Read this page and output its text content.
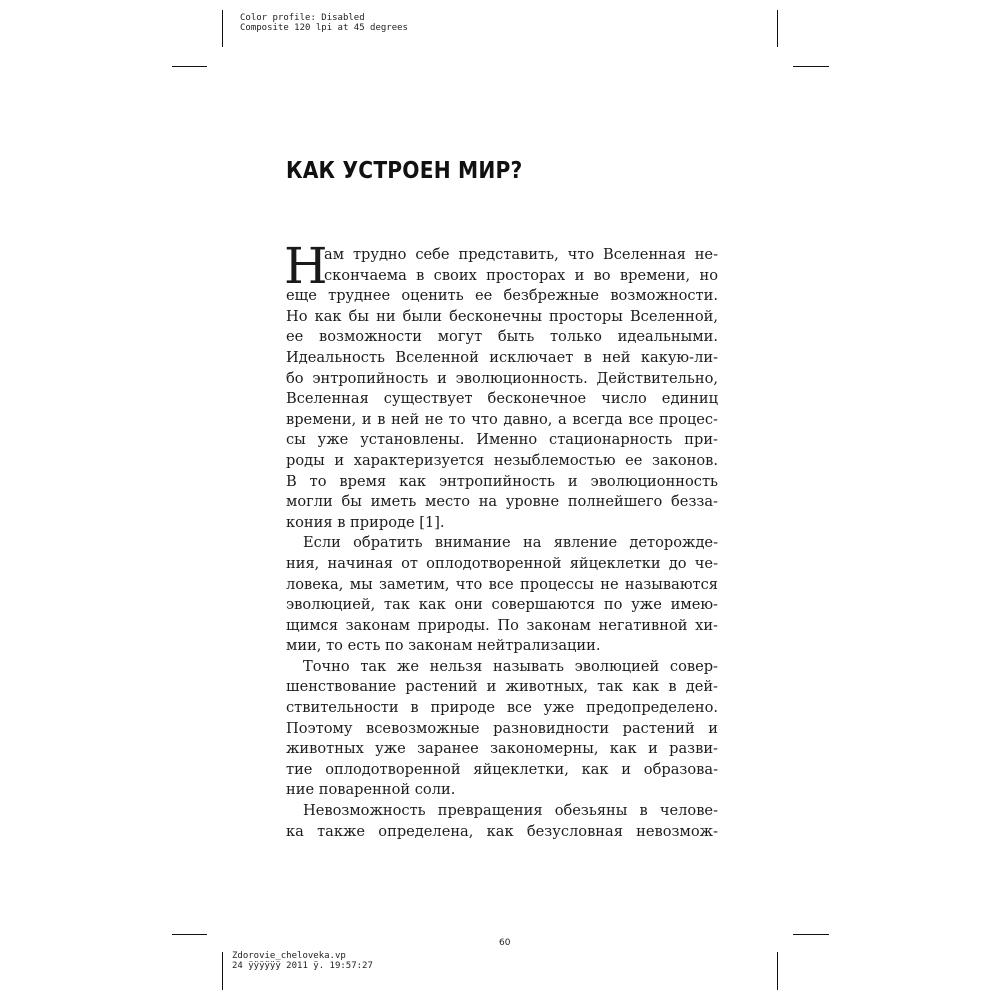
Color profile: Disabled
Composite 120 lpi at 45 degrees
КАК УСТРОЕН МИР?
Н
ам трудно себе представить, что Вселенная не-
скончаема в своих просторах и во времени, но
еще труднее оценить ее безбрежные возможности.
Но как бы ни были бесконечны просторы Вселенной,
ее возможности могут быть только идеальными.
Идеальность Вселенной исключает в ней какую-ли-
бо энтропийность и эволюционность. Действительно,
Вселенная существует бесконечное число единиц
времени, и в ней не то что давно, а всегда все процес-
сы уже установлены. Именно стационарность при-
роды и характеризуется незыблемостью ее законов.
В то время как энтропийность и эволюционность
могли бы иметь место на уровне полнейшего безза-
кония в природе [1].
Если обратить внимание на явление деторожде-
ния, начиная от оплодотворенной яйцеклетки до че-
ловека, мы заметим, что все процессы не называются
эволюцией, так как они совершаются по уже имею-
щимся законам природы. По законам негативной хи-
мии, то есть по законам нейтрализации.
Точно так же нельзя называть эволюцией совер-
шенствование растений и животных, так как в дей-
ствительности в природе все уже предопределено.
Поэтому всевозможные разновидности растений и
животных уже заранее закономерны, как и разви-
тие оплодотворенной яйцеклетки, как и образова-
ние поваренной соли.
Невозможность превращения обезьяны в челове-
ка также определена, как безусловная невозмож-
60
Zdorovie_cheloveka.vp
24 ÿÿÿÿÿÿ 2011 ÿ. 19:57:27
